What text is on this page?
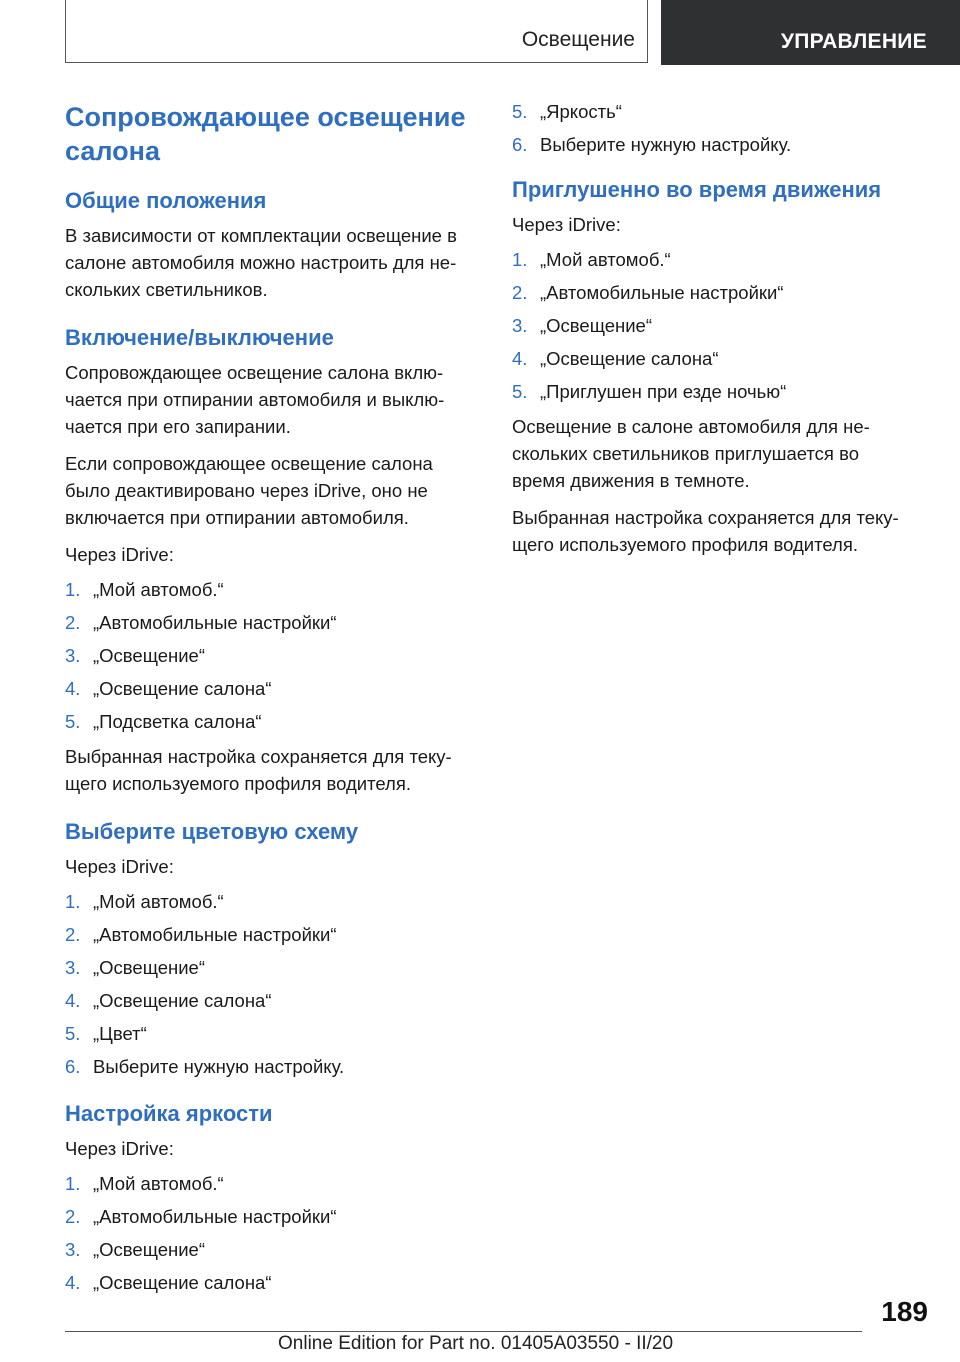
Освещение	УПРАВЛЕНИЕ
Сопровождающее освещение салона
Общие положения

В зависимости от комплектации освещение в салоне автомобиля можно настроить для не-скольких светильников.

Включение/выключение

Сопровождающее освещение салона вклю-чается при отпирании автомобиля и выклю-чается при его запирании.

Если сопровождающее освещение салона было деактивировано через iDrive, оно не включается при отпирании автомобиля.

Через iDrive:

1. „Мой автомоб.“
2. „Автомобильные настройки“
3. „Освещение“
4. „Освещение салона“
5. „Подсветка салона“

Выбранная настройка сохраняется для теку-щего используемого профиля водителя.

Выберите цветовую схему

Через iDrive:

1. „Мой автомоб.“
2. „Автомобильные настройки“
3. „Освещение“
4. „Освещение салона“
5. „Цвет“
6. Выберите нужную настройку.
Настройка яркости

Через iDrive:

1. „Мой автомоб.“
2. „Автомобильные настройки“
3. „Освещение“
4. „Освещение салона“
5. „Яркость“
6. Выберите нужную настройку.
Приглушенно во время движения

Через iDrive:

1. „Мой автомоб.“
2. „Автомобильные настройки“
3. „Освещение“
4. „Освещение салона“
5. „Приглушен при езде ночью“

Освещение в салоне автомобиля для не-скольких светильников приглушается во время движения в темноте.

Выбранная настройка сохраняется для теку-щего используемого профиля водителя.

189
Online Edition for Part no. 01405A03550 - II/20
